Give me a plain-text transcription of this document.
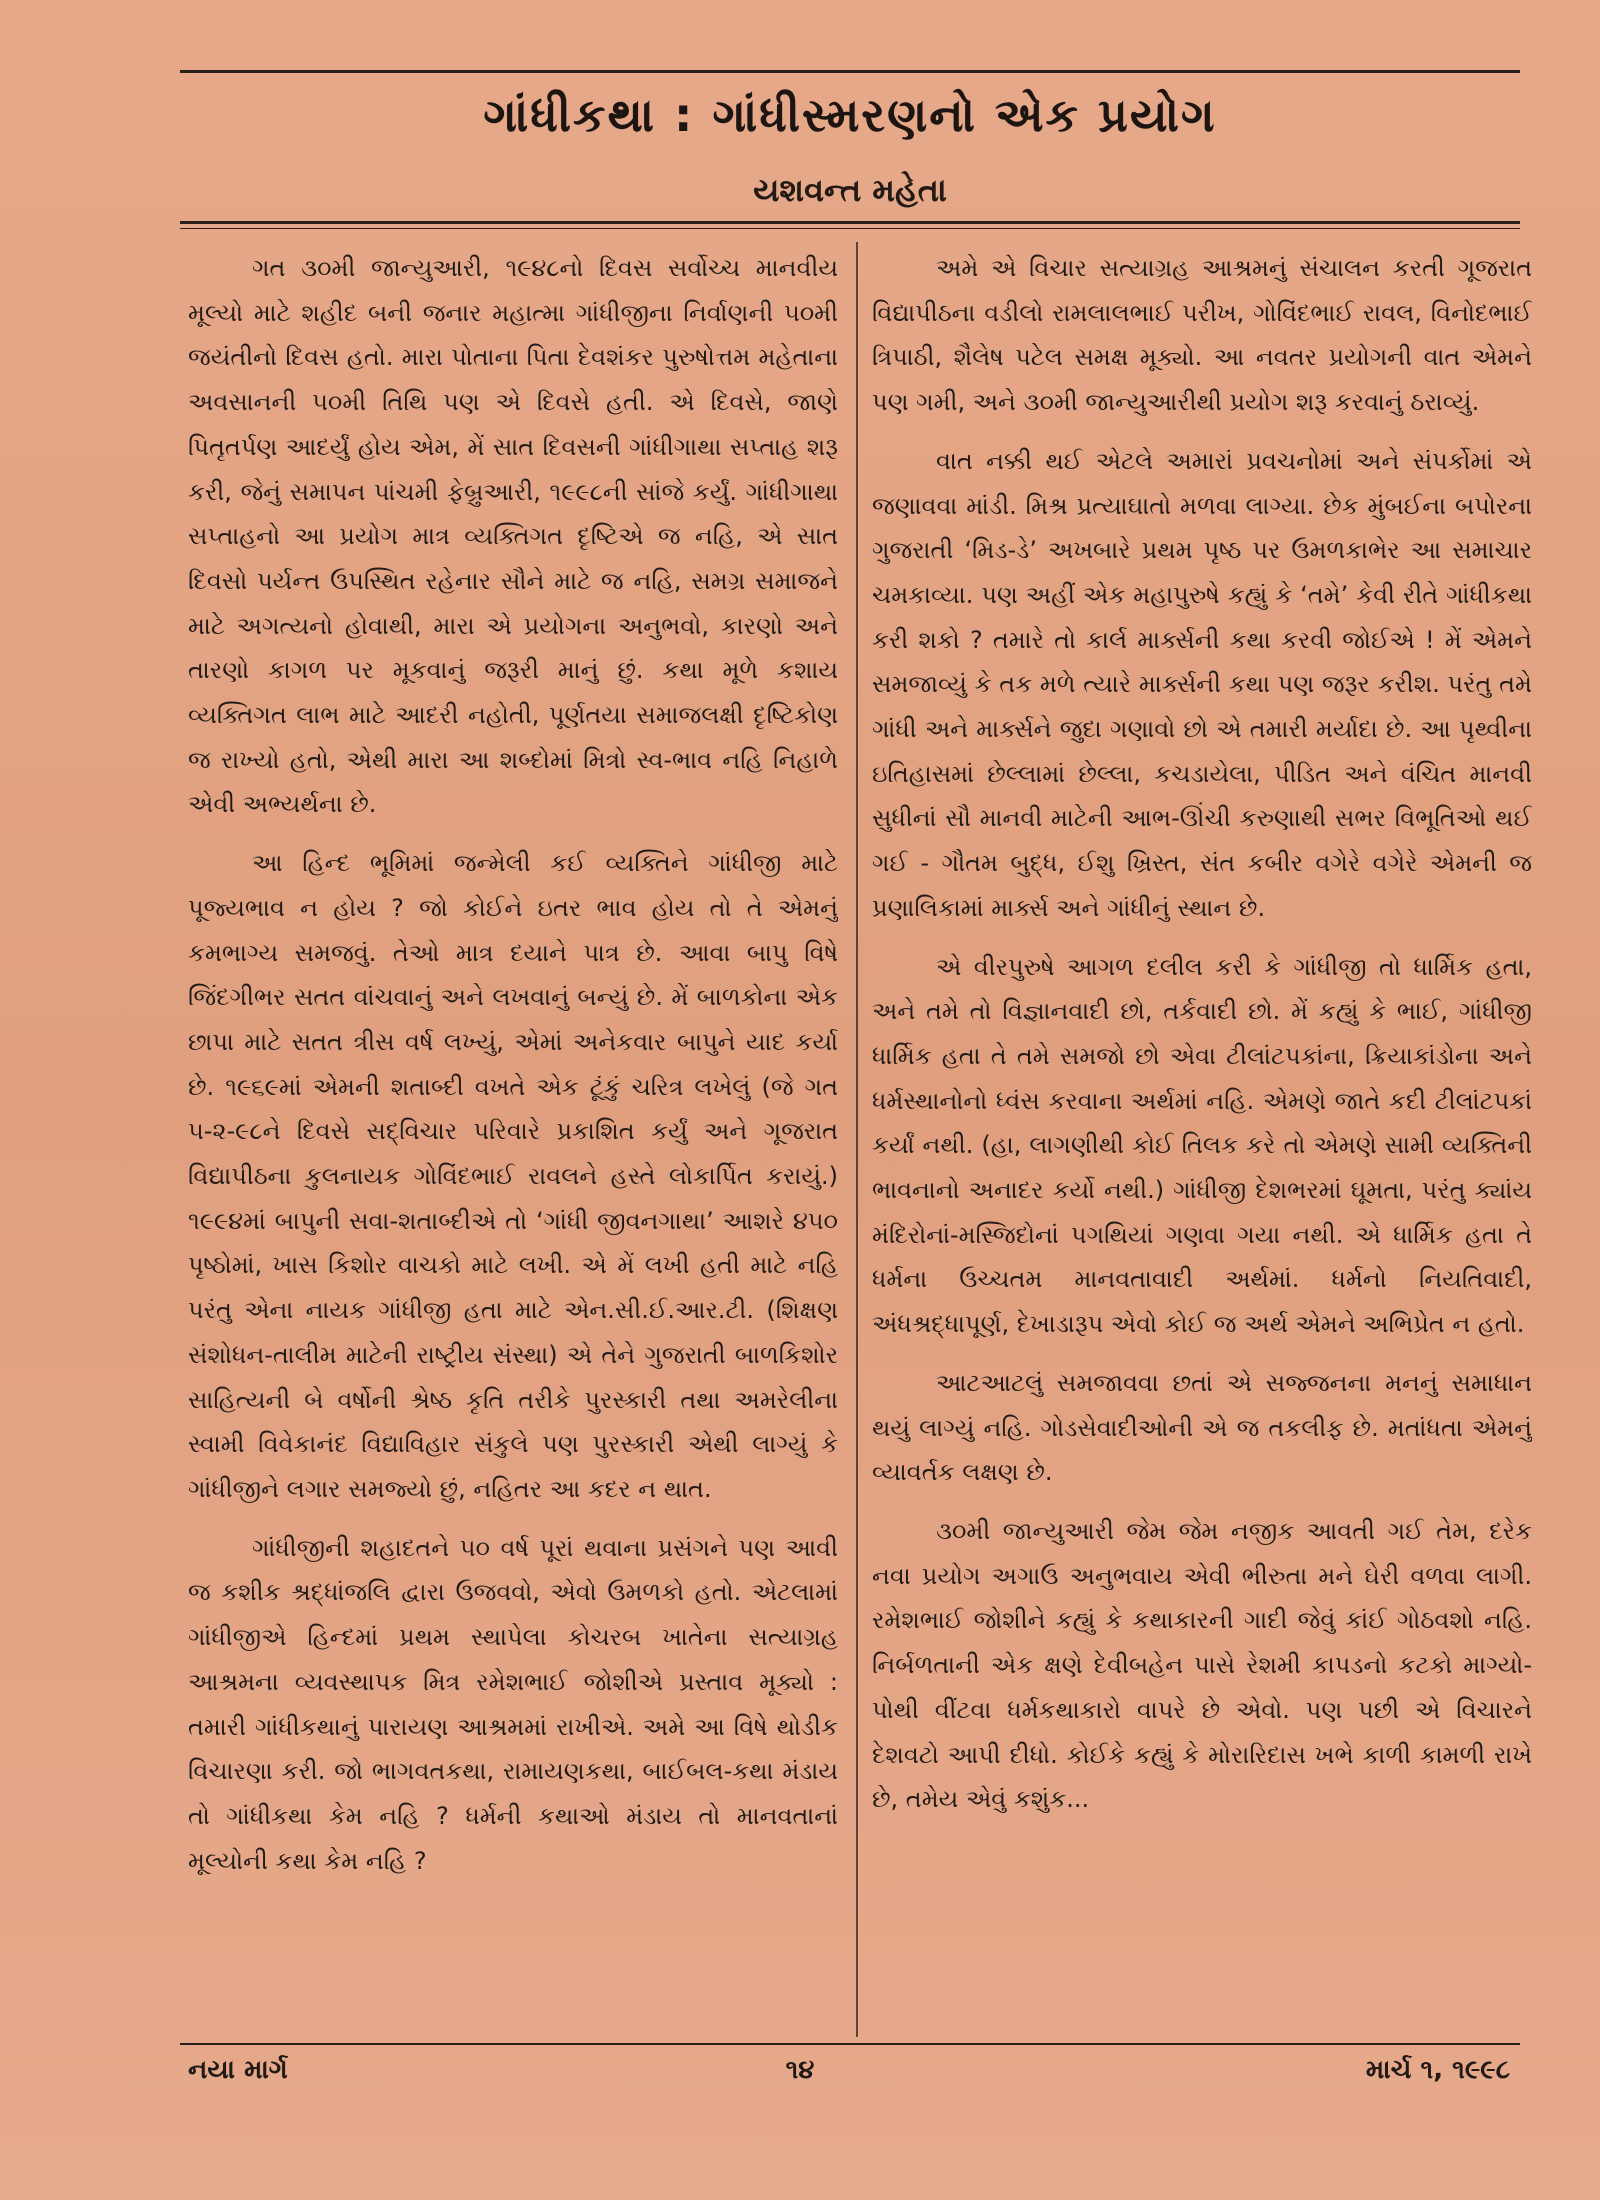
ગાંધીકથા : ગાંધીસ્મરણનો એક પ્રયોગ
યશવન્ત મહેતા

ગત ૩૦મી જાન્યુઆરી, ૧૯૪૮નો દિવસ સર્વોચ્ચ માનવીય મૂલ્યો માટે શહીદ બની જનાર મહાત્મા ગાંધીજીના નિર્વાણની ૫૦મી જયંતીનો દિવસ હતો. મારા પોતાના પિતા દેવશંકર પુરુષોત્તમ મહેતાના અવસાનની ૫૦મી તિથિ પણ એ દિવસે હતી. એ દિવસે, જાણે પિતૃતર્પણ આદર્યું હોય એમ, મેં સાત દિવસની ગાંધીગાથા સપ્તાહ શરૂ કરી, જેનું સમાપન પાંચમી ફેબ્રુઆરી, ૧૯૯૮ની સાંજે કર્યું. ગાંધીગાથા સપ્તાહનો આ પ્રયોગ માત્ર વ્યક્તિગત દૃષ્ટિએ જ નહિ, એ સાત દિવસો પર્યન્ત ઉપસ્થિત રહેનાર સૌને માટે જ નહિ, સમગ્ર સમાજને માટે અગત્યનો હોવાથી, મારા એ પ્રયોગના અનુભવો, કારણો અને તારણો કાગળ પર મૂકવાનું જરૂરી માનું છું. કથા મૂળે કશાય વ્યક્તિગત લાભ માટે આદરી નહોતી, પૂર્ણતયા સમાજલક્ષી દૃષ્ટિકોણ જ રાખ્યો હતો, એથી મારા આ શબ્દોમાં મિત્રો સ્વ-ભાવ નહિ નિહાળે એવી અભ્યર્થના છે.

આ હિન્દ ભૂમિમાં જન્મેલી કઈ વ્યક્તિને ગાંધીજી માટે પૂજ્યભાવ ન હોય ? જો કોઈને ઇતર ભાવ હોય તો તે એમનું કમભાગ્ય સમજવું. તેઓ માત્ર દયાને પાત્ર છે. આવા બાપુ વિષે જિંદગીભર સતત વાંચવાનું અને લખવાનું બન્યું છે. મેં બાળકોના એક છાપા માટે સતત ત્રીસ વર્ષ લખ્યું, એમાં અનેકવાર બાપુને યાદ કર્યા છે. ૧૯૬૯માં એમની શતાબ્દી વખતે એક ટૂંકું ચરિત્ર લખેલું (જે ગત ૫-૨-૯૮ને દિવસે સદ્‌વિચાર પરિવારે પ્રકાશિત કર્યું અને ગૂજરાત વિદ્યાપીઠના કુલનાયક ગોવિંદભાઈ રાવલને હસ્તે લોકાર્પિત કરાયું.) ૧૯૯૪માં બાપુની સવા-શતાબ્દીએ તો ‘ગાંધી જીવનગાથા’ આશરે ૪૫૦ પૃષ્ઠોમાં, ખાસ કિશોર વાચકો માટે લખી. એ મેં લખી હતી માટે નહિ પરંતુ એના નાયક ગાંધીજી હતા માટે એન.સી.ઈ.આર.ટી. (શિક્ષણ સંશોધન-તાલીમ માટેની રાષ્ટ્રીય સંસ્થા) એ તેને ગુજરાતી બાળકિશોર સાહિત્યની બે વર્ષોની શ્રેષ્ઠ કૃતિ તરીકે પુરસ્કારી તથા અમરેલીના સ્વામી વિવેકાનંદ વિદ્યાવિહાર સંકુલે પણ પુરસ્કારી એથી લાગ્યું કે ગાંધીજીને લગાર સમજ્યો છું, નહિતર આ કદર ન થાત.

ગાંધીજીની શહાદતને ૫૦ વર્ષ પૂરાં થવાના પ્રસંગને પણ આવી જ કશીક શ્રદ્ધાંજલિ દ્વારા ઉજવવો, એવો ઉમળકો હતો. એટલામાં ગાંધીજીએ હિન્દમાં પ્રથમ સ્થાપેલા કોચરબ ખાતેના સત્યાગ્રહ આશ્રમના વ્યવસ્થાપક મિત્ર રમેશભાઈ જોશીએ પ્રસ્તાવ મૂક્યો : તમારી ગાંધીકથાનું પારાયણ આશ્રમમાં રાખીએ. અમે આ વિષે થોડીક વિચારણા કરી. જો ભાગવતકથા, રામાયણકથા, બાઈબલ-કથા મંડાય તો ગાંધીકથા કેમ નહિ ? ધર્મની કથાઓ મંડાય તો માનવતાનાં મૂલ્યોની કથા કેમ નહિ ?

અમે એ વિચાર સત્યાગ્રહ આશ્રમનું સંચાલન કરતી ગૂજરાત વિદ્યાપીઠના વડીલો રામલાલભાઈ પરીખ, ગોવિંદભાઈ રાવલ, વિનોદભાઈ ત્રિપાઠી, શૈલેષ પટેલ સમક્ષ મૂક્યો. આ નવતર પ્રયોગની વાત એમને પણ ગમી, અને ૩૦મી જાન્યુઆરીથી પ્રયોગ શરૂ કરવાનું ઠરાવ્યું.

વાત નક્કી થઈ એટલે અમારાં પ્રવચનોમાં અને સંપર્કોમાં એ જણાવવા માંડી. મિશ્ર પ્રત્યાઘાતો મળવા લાગ્યા. છેક મુંબઈના બપોરના ગુજરાતી ‘મિડ-ડે’ અખબારે પ્રથમ પૃષ્ઠ પર ઉમળકાભેર આ સમાચાર ચમકાવ્યા. પણ અહીં એક મહાપુરુષે કહ્યું કે ‘તમે’ કેવી રીતે ગાંધીકથા કરી શકો ? તમારે તો કાર્લ માર્ક્સની કથા કરવી જોઈએ ! મેં એમને સમજાવ્યું કે તક મળે ત્યારે માર્ક્સની કથા પણ જરૂર કરીશ. પરંતુ તમે ગાંધી અને માર્ક્સને જુદા ગણાવો છો એ તમારી મર્યાદા છે. આ પૃથ્વીના ઇતિહાસમાં છેલ્લામાં છેલ્લા, કચડાયેલા, પીડિત અને વંચિત માનવી સુધીનાં સૌ માનવી માટેની આભ-ઊંચી કરુણાથી સભર વિભૂતિઓ થઈ ગઈ - ગૌતમ બુદ્ધ, ઈશુ ખ્રિસ્ત, સંત કબીર વગેરે વગેરે એમની જ પ્રણાલિકામાં માર્ક્સ અને ગાંધીનું સ્થાન છે.

એ વીરપુરુષે આગળ દલીલ કરી કે ગાંધીજી તો ધાર્મિક હતા, અને તમે તો વિજ્ઞાનવાદી છો, તર્કવાદી છો. મેં કહ્યું કે ભાઈ, ગાંધીજી ધાર્મિક હતા તે તમે સમજો છો એવા ટીલાંટપકાંના, ક્રિયાકાંડોના અને ધર્મસ્થાનોનો ધ્વંસ કરવાના અર્થમાં નહિ. એમણે જાતે કદી ટીલાંટપકાં કર્યાં નથી. (હા, લાગણીથી કોઈ તિલક કરે તો એમણે સામી વ્યક્તિની ભાવનાનો અનાદર કર્યો નથી.) ગાંધીજી દેશભરમાં ઘૂમતા, પરંતુ ક્યાંય મંદિરોનાં-મસ્જિદોનાં પગથિયાં ગણવા ગયા નથી. એ ધાર્મિક હતા તે ધર્મના ઉચ્ચતમ માનવતાવાદી અર્થમાં. ધર્મનો નિયતિવાદી, અંધશ્રદ્ધાપૂર્ણ, દેખાડારૂપ એવો કોઈ જ અર્થ એમને અભિપ્રેત ન હતો.

આટઆટલું સમજાવવા છતાં એ સજ્જનના મનનું સમાધાન થયું લાગ્યું નહિ. ગોડસેવાદીઓની એ જ તકલીફ છે. મતાંધતા એમનું વ્યાવર્તક લક્ષણ છે.

૩૦મી જાન્યુઆરી જેમ જેમ નજીક આવતી ગઈ તેમ, દરેક નવા પ્રયોગ અગાઉ અનુભવાય એવી ભીરુતા મને ઘેરી વળવા લાગી. રમેશભાઈ જોશીને કહ્યું કે કથાકારની ગાદી જેવું કાંઈ ગોઠવશો નહિ. નિર્બળતાની એક ક્ષણે દેવીબહેન પાસે રેશમી કાપડનો કટકો માગ્યો-પોથી વીંટવા ધર્મકથાકારો વાપરે છે એવો. પણ પછી એ વિચારને દેશવટો આપી દીધો. કોઈકે કહ્યું કે મોરારિદાસ ખભે કાળી કામળી રાખે છે, તમેય એવું કશુંક...

નયા માર્ગ	૧૪	માર્ચ ૧, ૧૯૯૮
